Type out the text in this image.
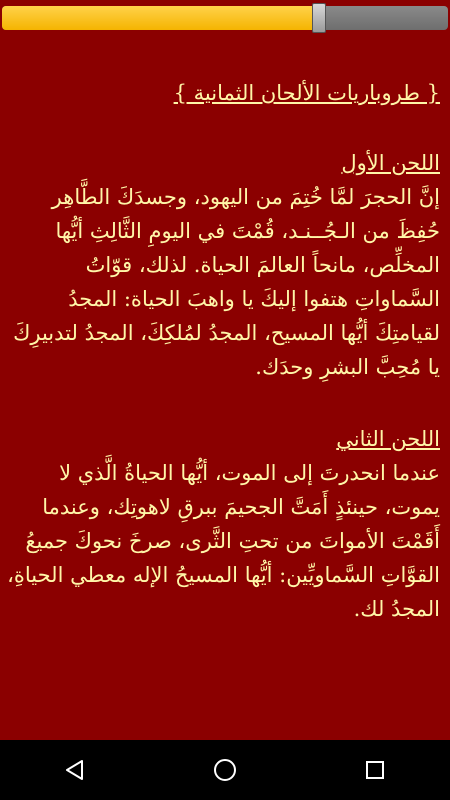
{ طروباريات الألحان الثمانية }

اللحن الأول

إنَّ الحجرَ لمَّا خُتِمَ من اليهود، وجسدَكَ الطَّاهِر حُفِظَ من الـجُــنـد، قُمْتَ في اليومِ الثَّالِثِ أيُّها المخلِّص، مانحاً العالمَ الحياة. لذلك، قوّاتُ السَّماواتِ هتفوا إليكَ يا واهبَ الحياة: المجدُ لقيامتِكَ أيُّها المسيح، المجدُ لمُلكِكَ، المجدُ لتدبيرِكَ يا مُحِبَّ البشرِ وحدَك.

اللحن الثاني

عندما انحدرتَ إلى الموت، أيُّها الحياةُ الَّذي لا يموت، حينئذٍ أَمَتَّ الجحيمَ ببرقِ لاهوتِك، وعندما أَقَمْتَ الأمواتَ من تحتِ الثَّرى، صرخَ نحوكَ جميعُ القوَّاتِ السَّماويِّين: أيُّها المسيحُ الإله معطي الحياةِ، المجدُ لك.
